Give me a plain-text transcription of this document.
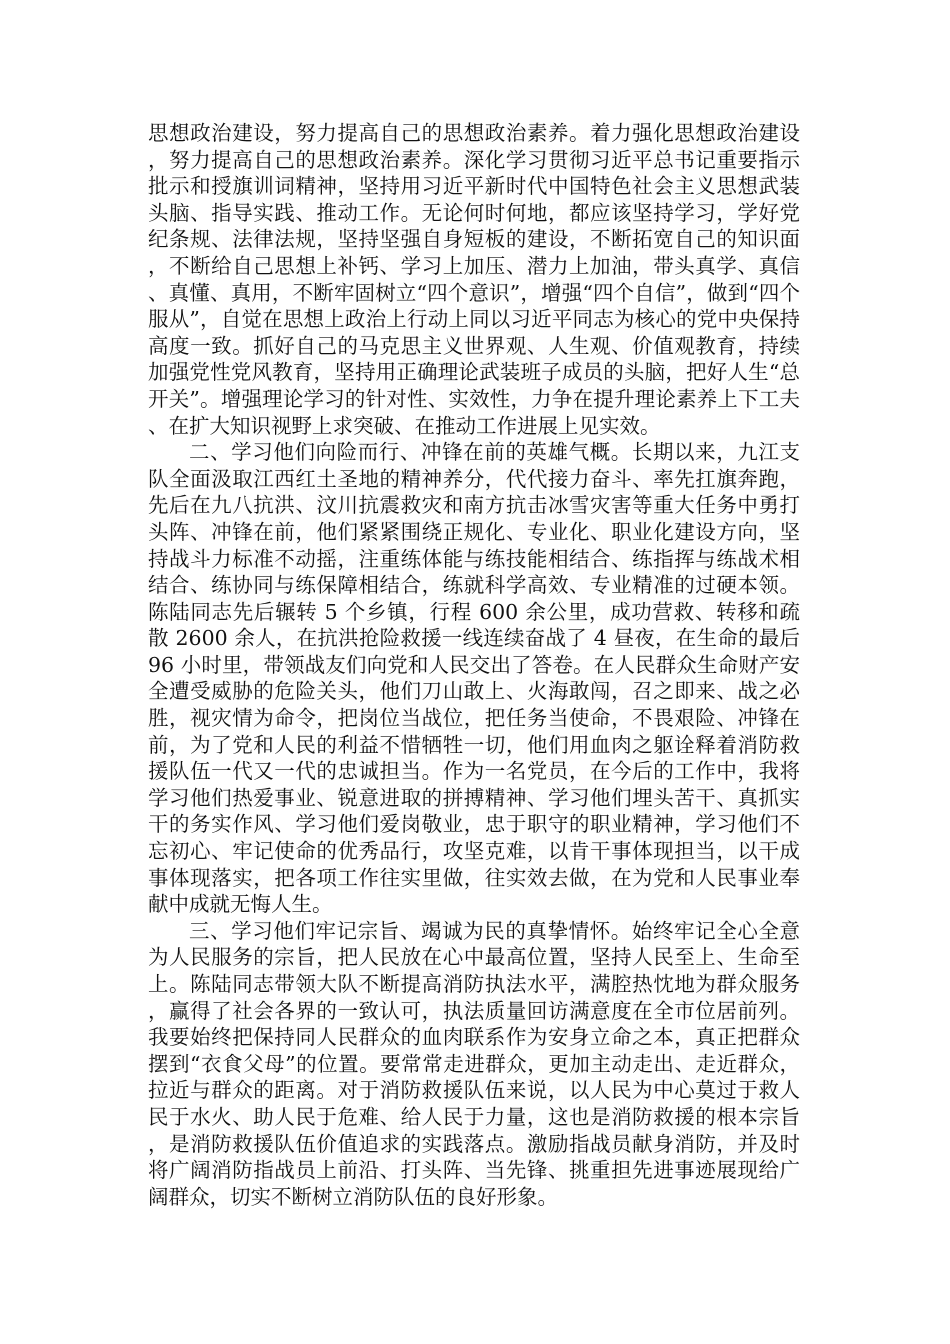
思想政治建设，努力提高自己的思想政治素养。着力强化思想政治建设，努力提高自己的思想政治素养。深化学习贯彻习近平总书记重要指示批示和授旗训词精神，坚持用习近平新时代中国特色社会主义思想武装头脑、指导实践、推动工作。无论何时何地，都应该坚持学习，学好党纪条规、法律法规，坚持坚强自身短板的建设，不断拓宽自己的知识面，不断给自己思想上补钙、学习上加压、潜力上加油，带头真学、真信、真懂、真用，不断牢固树立“四个意识”，增强“四个自信”，做到“四个服从”，自觉在思想上政治上行动上同以习近平同志为核心的党中央保持高度一致。抓好自己的马克思主义世界观、人生观、价值观教育，持续加强党性党风教育，坚持用正确理论武装班子成员的头脑，把好人生“总开关”。增强理论学习的针对性、实效性，力争在提升理论素养上下工夫、在扩大知识视野上求突破、在推动工作进展上见实效。

二、学习他们向险而行、冲锋在前的英雄气概。长期以来，九江支队全面汲取江西红土圣地的精神养分，代代接力奋斗、率先扛旗奔跑，先后在九八抗洪、汶川抗震救灾和南方抗击冰雪灾害等重大任务中勇打头阵、冲锋在前，他们紧紧围绕正规化、专业化、职业化建设方向，坚持战斗力标准不动摇，注重练体能与练技能相结合、练指挥与练战术相结合、练协同与练保障相结合，练就科学高效、专业精准的过硬本领。陈陆同志先后辗转 5 个乡镇，行程 600 余公里，成功营救、转移和疏散 2600 余人，在抗洪抢险救援一线连续奋战了 4 昼夜，在生命的最后 96 小时里，带领战友们向党和人民交出了答卷。在人民群众生命财产安全遭受威胁的危险关头，他们刀山敢上、火海敢闯，召之即来、战之必胜，视灾情为命令，把岗位当战位，把任务当使命，不畏艰险、冲锋在前，为了党和人民的利益不惜牺牲一切，他们用血肉之躯诠释着消防救援队伍一代又一代的忠诚担当。作为一名党员，在今后的工作中，我将学习他们热爱事业、锐意进取的拼搏精神、学习他们埋头苦干、真抓实干的务实作风、学习他们爱岗敬业，忠于职守的职业精神，学习他们不忘初心、牢记使命的优秀品行，攻坚克难，以肯干事体现担当，以干成事体现落实，把各项工作往实里做，往实效去做，在为党和人民事业奉献中成就无悔人生。

三、学习他们牢记宗旨、竭诚为民的真挚情怀。始终牢记全心全意为人民服务的宗旨，把人民放在心中最高位置，坚持人民至上、生命至上。陈陆同志带领大队不断提高消防执法水平，满腔热忱地为群众服务，赢得了社会各界的一致认可，执法质量回访满意度在全市位居前列。我要始终把保持同人民群众的血肉联系作为安身立命之本，真正把群众摆到“衣食父母”的位置。要常常走进群众，更加主动走出、走近群众，拉近与群众的距离。对于消防救援队伍来说，以人民为中心莫过于救人民于水火、助人民于危难、给人民于力量，这也是消防救援的根本宗旨，是消防救援队伍价值追求的实践落点。激励指战员献身消防，并及时将广阔消防指战员上前沿、打头阵、当先锋、挑重担先进事迹展现给广阔群众，切实不断树立消防队伍的良好形象。
